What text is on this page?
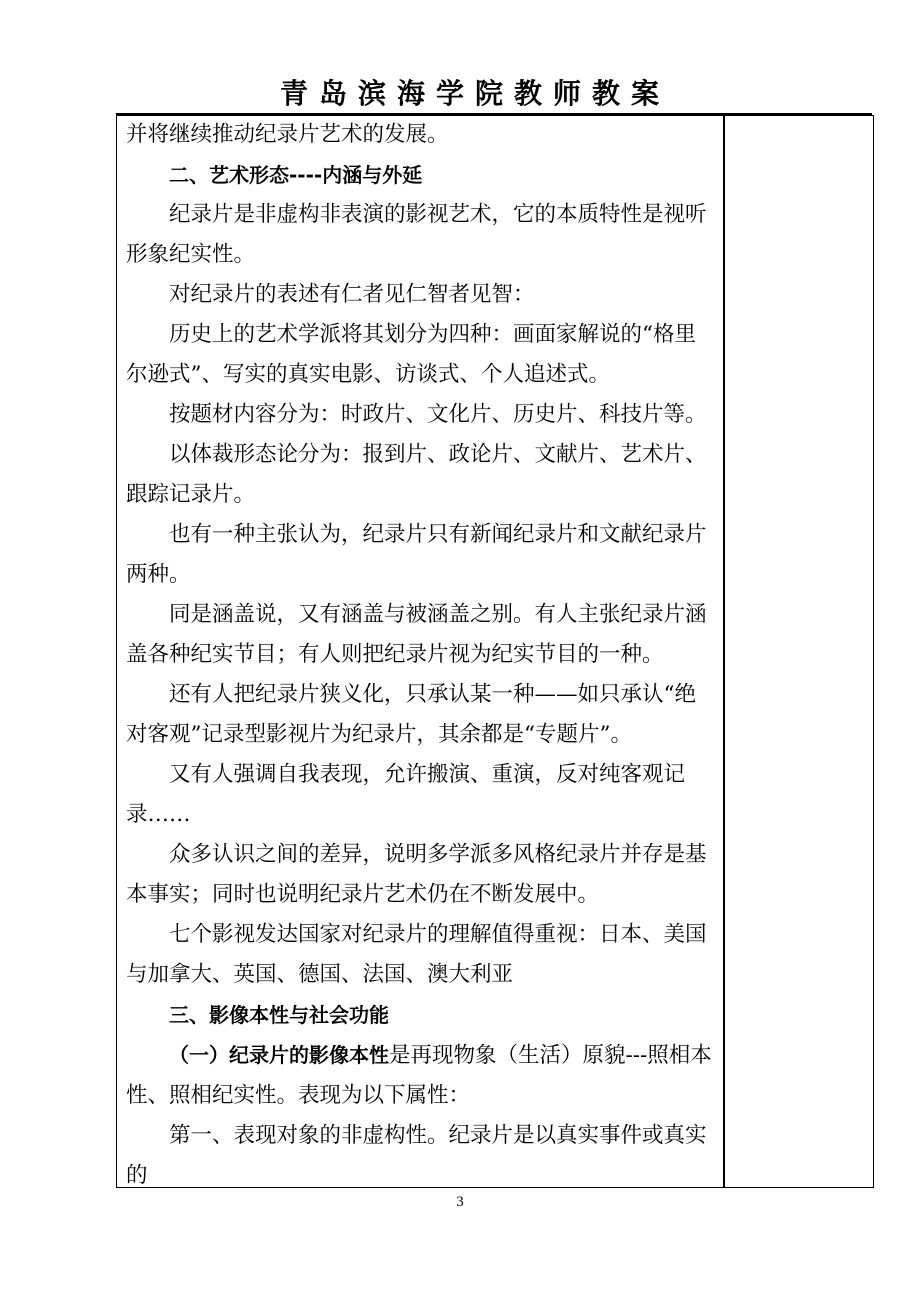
青岛滨海学院教师教案

并将继续推动纪录片艺术的发展。

二、艺术形态----内涵与外延

纪录片是非虚构非表演的影视艺术，它的本质特性是视听形象纪实性。

对纪录片的表述有仁者见仁智者见智：

历史上的艺术学派将其划分为四种：画面家解说的“格里尔逊式”、写实的真实电影、访谈式、个人追述式。

按题材内容分为：时政片、文化片、历史片、科技片等。

以体裁形态论分为：报到片、政论片、文献片、艺术片、跟踪记录片。

也有一种主张认为，纪录片只有新闻纪录片和文献纪录片两种。

同是涵盖说，又有涵盖与被涵盖之别。有人主张纪录片涵盖各种纪实节目；有人则把纪录片视为纪实节目的一种。

还有人把纪录片狭义化，只承认某一种——如只承认“绝对客观”记录型影视片为纪录片，其余都是“专题片”。

又有人强调自我表现，允许搬演、重演，反对纯客观记录……

众多认识之间的差异，说明多学派多风格纪录片并存是基本事实；同时也说明纪录片艺术仍在不断发展中。

七个影视发达国家对纪录片的理解值得重视：日本、美国与加拿大、英国、德国、法国、澳大利亚

三、影像本性与社会功能

（一）纪录片的影像本性是再现物象（生活）原貌---照相本性、照相纪实性。表现为以下属性：

第一、表现对象的非虚构性。纪录片是以真实事件或真实的

3
